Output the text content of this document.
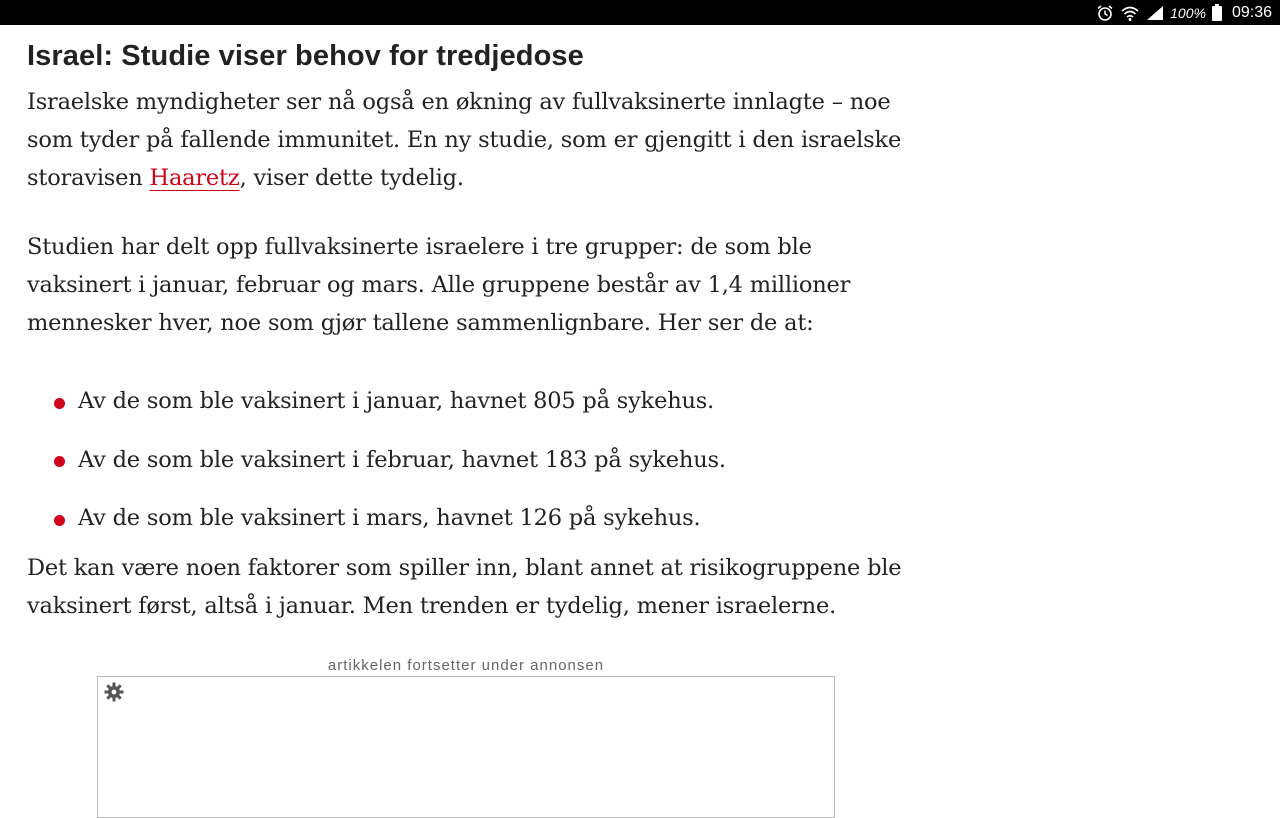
100% 09:36
Israel: Studie viser behov for tredjedose

Israelske myndigheter ser nå også en økning av fullvaksinerte innlagte – noe som tyder på fallende immunitet. En ny studie, som er gjengitt i den israelske storavisen Haaretz, viser dette tydelig.

Studien har delt opp fullvaksinerte israelere i tre grupper: de som ble vaksinert i januar, februar og mars. Alle gruppene består av 1,4 millioner mennesker hver, noe som gjør tallene sammenlignbare. Her ser de at:

Av de som ble vaksinert i januar, havnet 805 på sykehus.
Av de som ble vaksinert i februar, havnet 183 på sykehus.
Av de som ble vaksinert i mars, havnet 126 på sykehus.

Det kan være noen faktorer som spiller inn, blant annet at risikogruppene ble vaksinert først, altså i januar. Men trenden er tydelig, mener israelerne.

artikkelen fortsetter under annonsen
